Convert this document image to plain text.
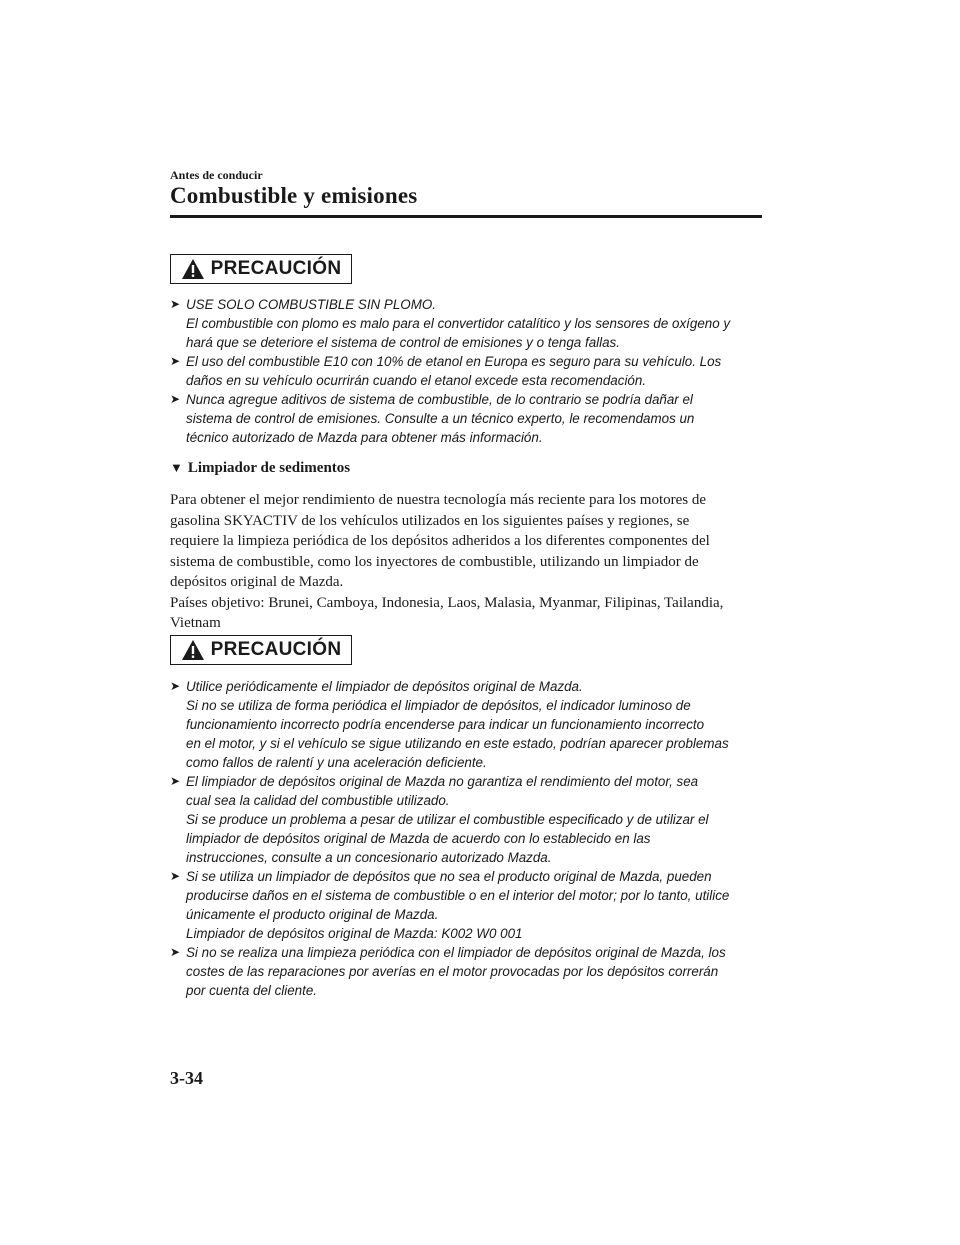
Antes de conducir
Combustible y emisiones
PRECAUCIÓN
➤ USE SOLO COMBUSTIBLE SIN PLOMO.
El combustible con plomo es malo para el convertidor catalítico y los sensores de oxígeno y
hará que se deteriore el sistema de control de emisiones y o tenga fallas.
➤ El uso del combustible E10 con 10% de etanol en Europa es seguro para su vehículo. Los
daños en su vehículo ocurrirán cuando el etanol excede esta recomendación.
➤ Nunca agregue aditivos de sistema de combustible, de lo contrario se podría dañar el
sistema de control de emisiones. Consulte a un técnico experto, le recomendamos un
técnico autorizado de Mazda para obtener más información.
▼ Limpiador de sedimentos
Para obtener el mejor rendimiento de nuestra tecnología más reciente para los motores de
gasolina SKYACTIV de los vehículos utilizados en los siguientes países y regiones, se
requiere la limpieza periódica de los depósitos adheridos a los diferentes componentes del
sistema de combustible, como los inyectores de combustible, utilizando un limpiador de
depósitos original de Mazda.
Países objetivo: Brunei, Camboya, Indonesia, Laos, Malasia, Myanmar, Filipinas, Tailandia,
Vietnam
PRECAUCIÓN
➤ Utilice periódicamente el limpiador de depósitos original de Mazda.
Si no se utiliza de forma periódica el limpiador de depósitos, el indicador luminoso de
funcionamiento incorrecto podría encenderse para indicar un funcionamiento incorrecto
en el motor, y si el vehículo se sigue utilizando en este estado, podrían aparecer problemas
como fallos de ralentí y una aceleración deficiente.
➤ El limpiador de depósitos original de Mazda no garantiza el rendimiento del motor, sea
cual sea la calidad del combustible utilizado.
Si se produce un problema a pesar de utilizar el combustible especificado y de utilizar el
limpiador de depósitos original de Mazda de acuerdo con lo establecido en las
instrucciones, consulte a un concesionario autorizado Mazda.
➤ Si se utiliza un limpiador de depósitos que no sea el producto original de Mazda, pueden
producirse daños en el sistema de combustible o en el interior del motor; por lo tanto, utilice
únicamente el producto original de Mazda.
Limpiador de depósitos original de Mazda: K002 W0 001
➤ Si no se realiza una limpieza periódica con el limpiador de depósitos original de Mazda, los
costes de las reparaciones por averías en el motor provocadas por los depósitos correrán
por cuenta del cliente.
3-34
